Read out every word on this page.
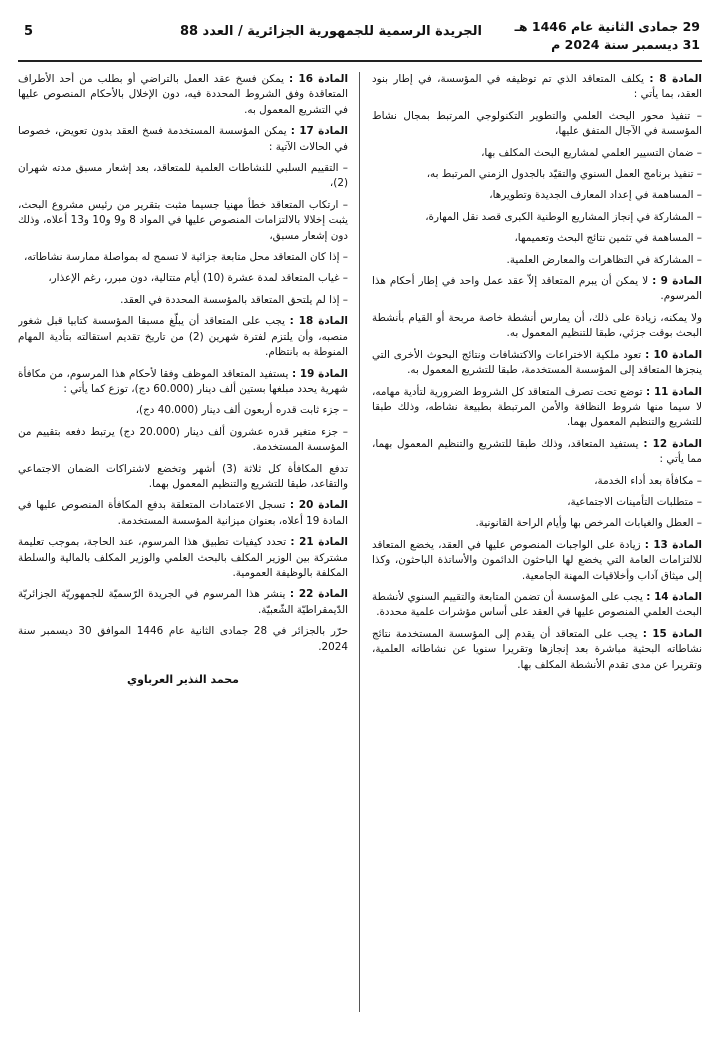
29 جمادى الثانية عام 1446 هـ
31 ديسمبر سنة 2024 م
الجريدة الرسمية للجمهورية الجزائرية / العدد 88
5

المادة 8 : يكلف المتعاقد الذي تم توظيفه في المؤسسة، في إطار بنود العقد، بما يأتي :

– تنفيذ محور البحث العلمي والتطوير التكنولوجي المرتبط بمجال نشاط المؤسسة في الآجال المتفق عليها،

– ضمان التسيير العلمي لمشاريع البحث المكلف بها،

– تنفيذ برنامج العمل السنوي والتقيّد بالجدول الزمني المرتبط به،

– المساهمة في إعداد المعارف الجديدة وتطويرها،

– المشاركة في إنجاز المشاريع الوطنية الكبرى قصد نقل المهارة،

– المساهمة في تثمين نتائج البحث وتعميمها،

– المشاركة في التظاهرات والمعارض العلمية.

المادة 9 : لا يمكن أن يبرم المتعاقد إلاّ عقد عمل واحد في إطار أحكام هذا المرسوم.

ولا يمكنه، زيادة على ذلك، أن يمارس أنشطة خاصة مربحة أو القيام بأنشطة البحث بوقت جزئي، طبقا للتنظيم المعمول به.

المادة 10 : تعود ملكية الاختراعات والاكتشافات ونتائج البحوث الأخرى التي ينجزها المتعاقد إلى المؤسسة المستخدمة، طبقا للتشريع المعمول به.

المادة 11 : توضع تحت تصرف المتعاقد كل الشروط الضرورية لتأدية مهامه، لا سيما منها شروط النظافة والأمن المرتبطة بطبيعة نشاطه، وذلك طبقا للتشريع والتنظيم المعمول بهما.

المادة 12 : يستفيد المتعاقد، وذلك طبقا للتشريع والتنظيم المعمول بهما، مما يأتي :

– مكافأة بعد أداء الخدمة،

– متطلبات التأمينات الاجتماعية،

– العطل والغيابات المرخص بها وأيام الراحة القانونية.

المادة 13 : زيادة على الواجبات المنصوص عليها في العقد، يخضع المتعاقد للالتزامات العامة التي يخضع لها الباحثون الدائمون والأساتذة الباحثون، وكذا إلى ميثاق آداب وأخلاقيات المهنة الجامعية.

المادة 14 : يجب على المؤسسة أن تضمن المتابعة والتقييم السنوي لأنشطة البحث العلمي المنصوص عليها في العقد على أساس مؤشرات علمية محددة.

المادة 15 : يجب على المتعاقد أن يقدم إلى المؤسسة المستخدمة نتائج نشاطاته البحثية مباشرة بعد إنجازها وتقريرا سنويا عن نشاطاته العلمية، وتقريرا عن مدى تقدم الأنشطة المكلف بها.

المادة 16 : يمكن فسخ عقد العمل بالتراضي أو بطلب من أحد الأطراف المتعاقدة وفق الشروط المحددة فيه، دون الإخلال بالأحكام المنصوص عليها في التشريع المعمول به.

المادة 17 : يمكن المؤسسة المستخدمة فسخ العقد بدون تعويض، خصوصا في الحالات الآتية :

– التقييم السلبي للنشاطات العلمية للمتعاقد، بعد إشعار مسبق مدته شهران (2)،

– ارتكاب المتعاقد خطأ مهنيا جسيما مثبت بتقرير من رئيس مشروع البحث، يثبت إخلالا بالالتزامات المنصوص عليها في المواد 8 و9 و10 و13 أعلاه، وذلك دون إشعار مسبق،

– إذا كان المتعاقد محل متابعة جزائية لا تسمح له بمواصلة ممارسة نشاطاته،

– غياب المتعاقد لمدة عشرة (10) أيام متتالية، دون مبرر، رغم الإعذار،

– إذا لم يلتحق المتعاقد بالمؤسسة المحددة في العقد.

المادة 18 : يجب على المتعاقد أن يبلّغ مسبقا المؤسسة كتابيا قبل شغور منصبه، وأن يلتزم لفترة شهرين (2) من تاريخ تقديم استقالته بتأدية المهام المنوطة به بانتظام.

المادة 19 : يستفيد المتعاقد الموظف وفقا لأحكام هذا المرسوم، من مكافأة شهرية يحدد مبلغها بستين ألف دينار (60.000 دج)، توزع كما يأتي :

– جزء ثابت قدره أربعون ألف دينار (40.000 دج)،

– جزء متغير قدره عشرون ألف دينار (20.000 دج) يرتبط دفعه بتقييم من المؤسسة المستخدمة.

تدفع المكافأة كل ثلاثة (3) أشهر وتخضع لاشتراكات الضمان الاجتماعي والتقاعد، طبقا للتشريع والتنظيم المعمول بهما.

المادة 20 : تسجل الاعتمادات المتعلقة بدفع المكافأة المنصوص عليها في المادة 19 أعلاه، بعنوان ميزانية المؤسسة المستخدمة.

المادة 21 : تحدد كيفيات تطبيق هذا المرسوم، عند الحاجة، بموجب تعليمة مشتركة بين الوزير المكلف بالبحث العلمي والوزير المكلف بالمالية والسلطة المكلفة بالوظيفة العمومية.

المادة 22 : ينشر هذا المرسوم في الجريدة الرّسميّة للجمهوريّة الجزائريّة الدّيمقراطيّة الشّعبيّة.

حرّر بالجزائر في 28 جمادى الثانية عام 1446 الموافق 30 ديسمبر سنة 2024.

محمد النذير العرباوي
